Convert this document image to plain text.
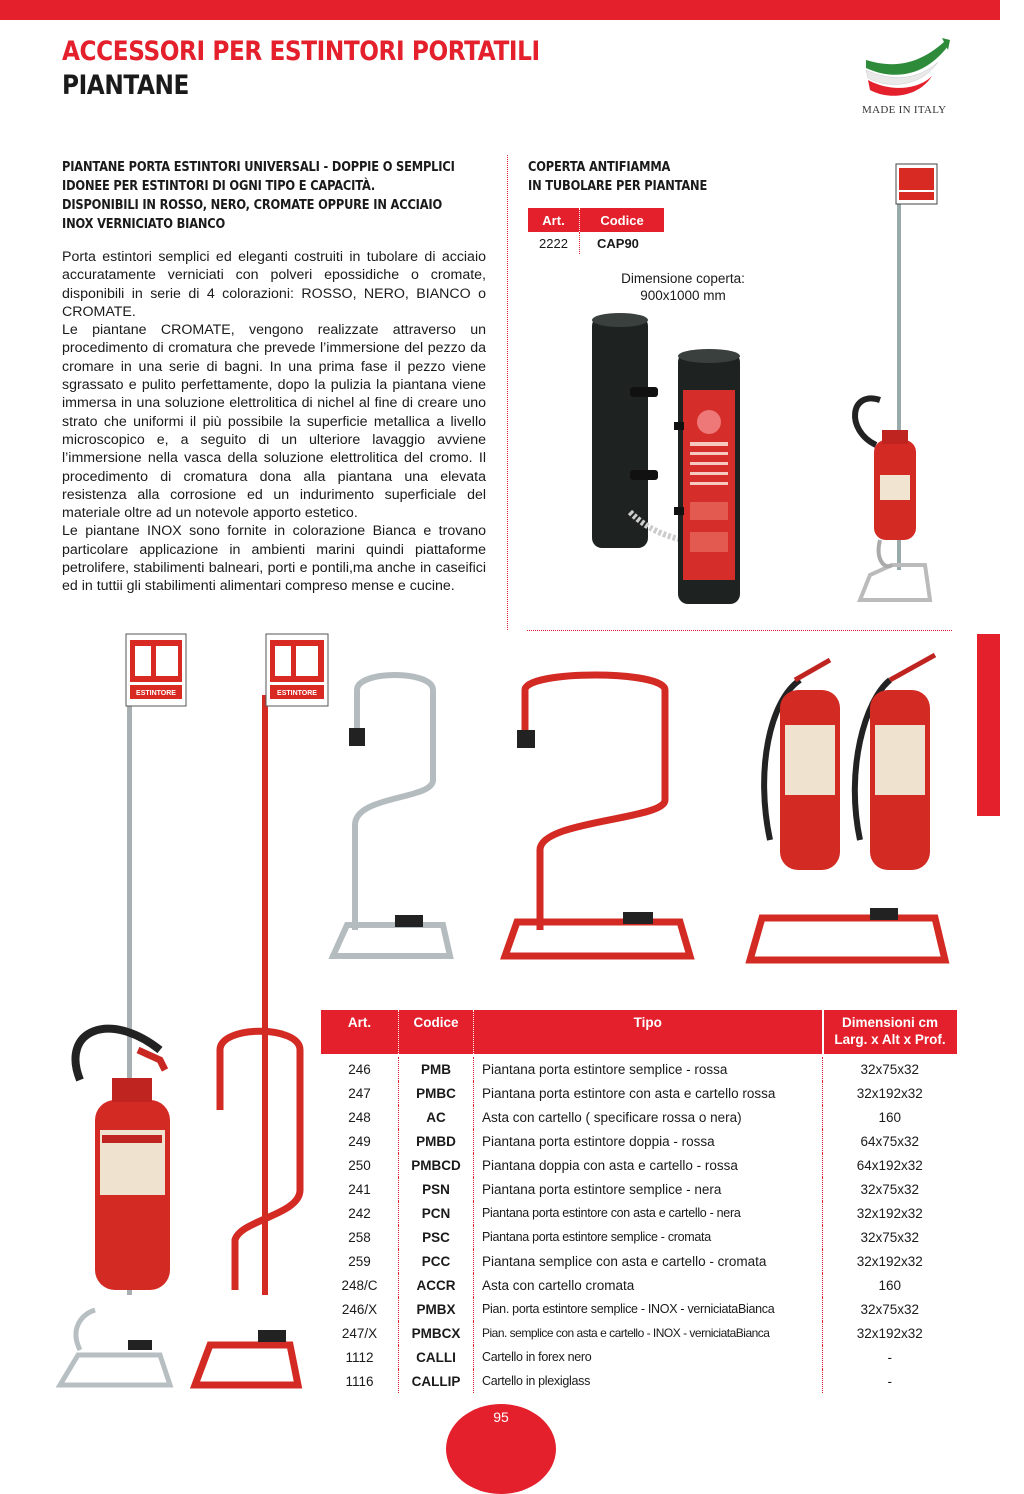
ACCESSORI PER ESTINTORI PORTATILI
PIANTANE
MADE IN ITALY
PIANTANE PORTA ESTINTORI UNIVERSALI - DOPPIE O SEMPLICI
IDONEE PER ESTINTORI DI OGNI TIPO E CAPACITÀ.
DISPONIBILI IN ROSSO, NERO, CROMATE OPPURE IN ACCIAIO
INOX VERNICIATO BIANCO

Porta estintori semplici ed eleganti costruiti in tubolare di acciaio accuratamente verniciati con polveri epossidiche o cromate, disponibili in serie di 4 colorazioni: ROSSO, NERO, BIANCO o CROMATE.

Le piantane CROMATE, vengono realizzate attraverso un procedimento di cromatura che prevede l’immersione del pezzo da cromare in una serie di bagni. In una prima fase il pezzo viene sgrassato e pulito perfettamente, dopo la pulizia la piantana viene immersa in una soluzione elettrolitica di nichel al fine di creare uno strato che uniformi il più possibile la superficie metallica a livello microscopico e, a seguito di un ulteriore lavaggio avviene l’immersione nella vasca della soluzione elettrolitica del cromo. Il procedimento di cromatura dona alla piantana una elevata resistenza alla corrosione ed un indurimento superficiale del materiale oltre ad un notevole apporto estetico.

Le piantane INOX sono fornite in colorazione Bianca e trovano particolare applicazione in ambienti marini quindi piattaforme petrolifere, stabilimenti balneari, porti e pontili,ma anche in caseifici ed in tuttii gli stabilimenti alimentari compreso mense e cucine.

COPERTA ANTIFIAMMA
IN TUBOLARE PER PIANTANE
Art.	Codice
2222	CAP90
Dimensione coperta:
900x1000 mm
ESTINTORE	ESTINTORE
Art.	Codice	Tipo	Dimensioni cm
Larg. x Alt x Prof.

246	PMB	Piantana porta estintore semplice - rossa	32x75x32
247	PMBC	Piantana porta estintore con asta e cartello rossa	32x192x32
248	AC	Asta con cartello ( specificare rossa o nera)	160
249	PMBD	Piantana porta estintore doppia - rossa	64x75x32
250	PMBCD	Piantana doppia con asta e cartello - rossa	64x192x32
241	PSN	Piantana porta estintore semplice - nera	32x75x32
242	PCN	Piantana porta estintore con asta e cartello - nera	32x192x32
258	PSC	Piantana porta estintore semplice - cromata	32x75x32
259	PCC	Piantana semplice con asta e cartello - cromata	32x192x32
248/C	ACCR	Asta con cartello cromata	160
246/X	PMBX	Pian. porta estintore semplice - INOX - verniciataBianca	32x75x32
247/X	PMBCX	Pian. semplice con asta e cartello - INOX - verniciataBianca	32x192x32
1112	CALLI	Cartello in forex nero	-
1116	CALLIP	Cartello in plexiglass	-
95
